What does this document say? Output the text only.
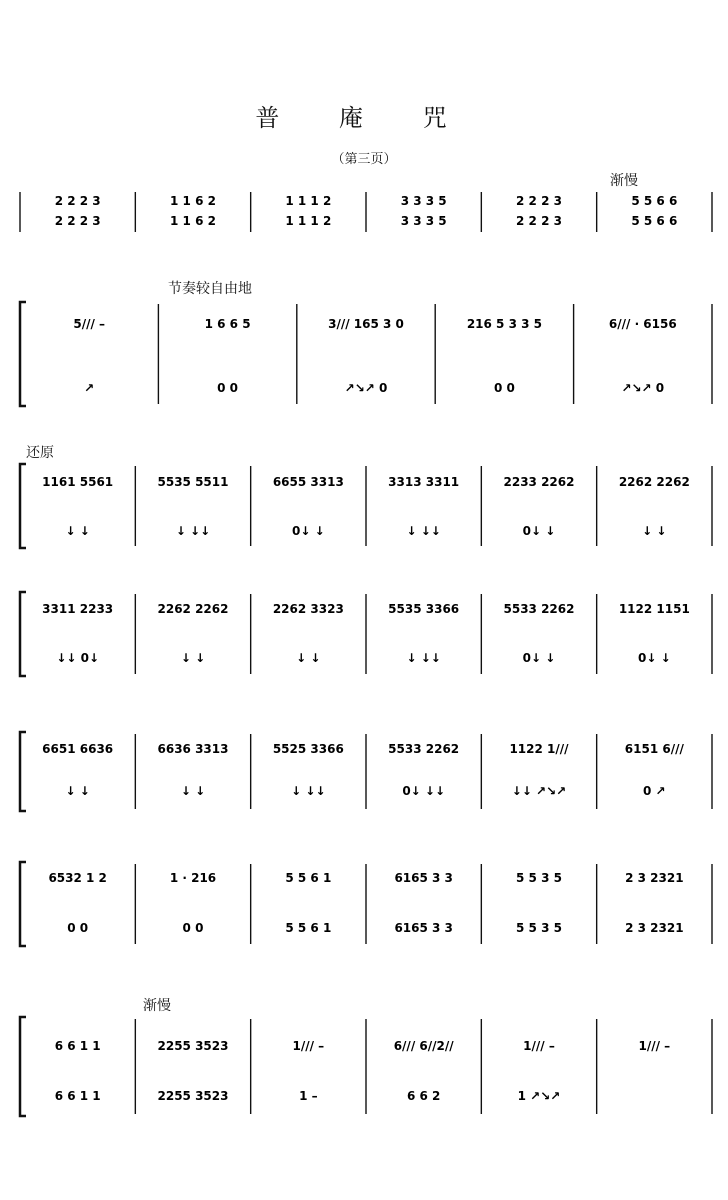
普 庵 咒
（第三页）
渐慢
节奏较自由地
还原
渐慢
2 2 2 3	1 1 6 2	1 1 1 2	3 3 3 5	2 2 2 3	5 5 6 6
2 2 2 3	1 1 6 2	1 1 1 2	3 3 3 5	2 2 2 3	5 5 6 6
5/// –	1 6 6 5	3/// 165 3 0	216 5 3 3 5	6/// · 6156
↗	0 0	↗↘↗ 0	0 0	↗↘↗ 0
1161 5561	5535 5511	6655 3313	3313 3311	2233 2262	2262 2262
↓ ↓	↓ ↓↓	0↓ ↓	↓ ↓↓	0↓ ↓	↓ ↓
3311 2233	2262 2262	2262 3323	5535 3366	5533 2262	1122 1151
↓↓ 0↓	↓ ↓	↓ ↓	↓ ↓↓	0↓ ↓	0↓ ↓
6651 6636	6636 3313	5525 3366	5533 2262	1122 1///	6151 6///
↓ ↓	↓ ↓	↓ ↓↓	0↓ ↓↓	↓↓ ↗↘↗	0 ↗
6532 1 2	1 · 216	5 5 6 1	6165 3 3	5 5 3 5	2 3 2321
0 0	0 0	5 5 6 1	6165 3 3	5 5 3 5	2 3 2321
6 6 1 1	2255 3523	1/// –	6/// 6//2//	1/// –	1/// –
6 6 1 1	2255 3523	1 –	6 6 2	1 ↗↘↗
